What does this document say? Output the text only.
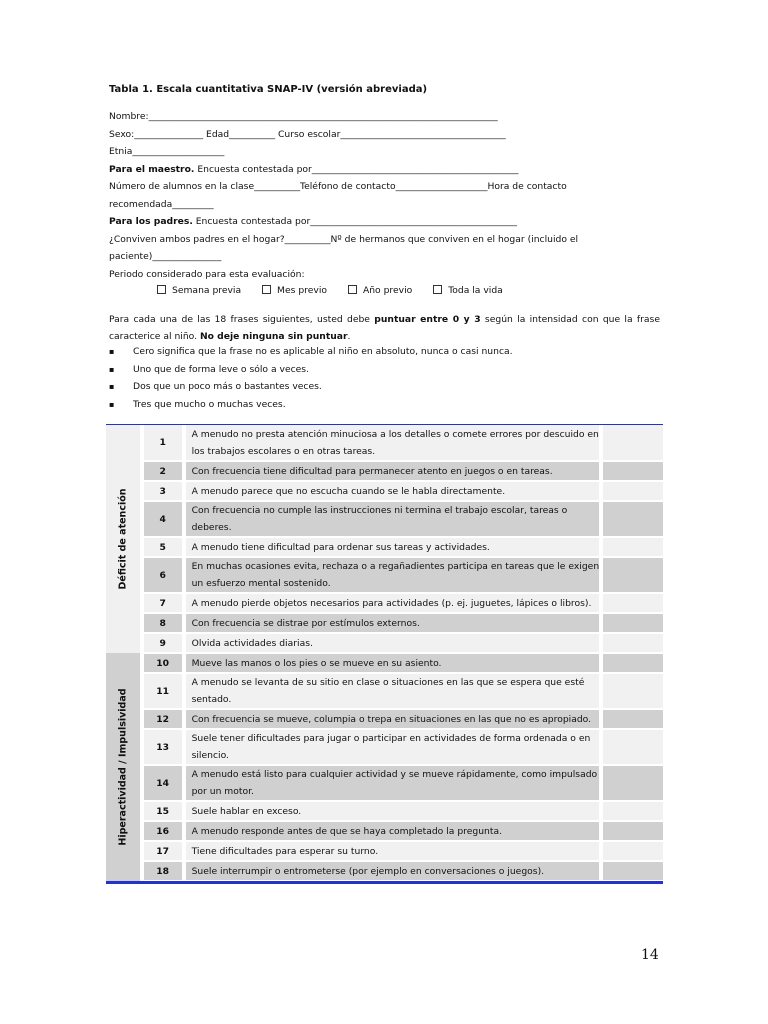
Tabla 1. Escala cuantitativa SNAP-IV (versión abreviada)
Nombre:____________________________________________________________________________
Sexo:_______________ Edad__________ Curso escolar____________________________________
Etnia____________________
Para el maestro. Encuesta contestada por_____________________________________________
Número de alumnos en la clase__________Teléfono de contacto____________________Hora de contacto
recomendada_________
Para los padres. Encuesta contestada por_____________________________________________
¿Conviven ambos padres en el hogar?__________Nº de hermanos que conviven en el hogar (incluido el
paciente)_______________
Periodo considerado para esta evaluación:
Semana previa	Mes previo	Año previo	Toda la vida
Para cada una de las 18 frases siguientes, usted debe puntuar entre 0 y 3 según la intensidad con que la frase caracterice al niño. No deje ninguna sin puntuar.
▪ Cero significa que la frase no es aplicable al niño en absoluto, nunca o casi nunca.
▪ Uno que de forma leve o sólo a veces.
▪ Dos que un poco más o bastantes veces.
▪ Tres que mucho o muchas veces.
Déficit de atención	1	A menudo no presta atención minuciosa a los detalles o comete errores por descuido en los trabajos escolares o en otras tareas.	
	2	Con frecuencia tiene dificultad para permanecer atento en juegos o en tareas.	
	3	A menudo parece que no escucha cuando se le habla directamente.	
	4	Con frecuencia no cumple las instrucciones ni termina el trabajo escolar, tareas o deberes.	
	5	A menudo tiene dificultad para ordenar sus tareas y actividades.	
	6	En muchas ocasiones evita, rechaza o a regañadientes participa en tareas que le exigen un esfuerzo mental sostenido.	
	7	A menudo pierde objetos necesarios para actividades (p. ej. juguetes, lápices o libros).	
	8	Con frecuencia se distrae por estímulos externos.	
	9	Olvida actividades diarias.	

Hiperactividad / Impulsividad	10	Mueve las manos o los pies o se mueve en su asiento.	
	11	A menudo se levanta de su sitio en clase o situaciones en las que se espera que esté sentado.	
	12	Con frecuencia se mueve, columpia o trepa en situaciones en las que no es apropiado.	
	13	Suele tener dificultades para jugar o participar en actividades de forma ordenada o en silencio.	
	14	A menudo está listo para cualquier actividad y se mueve rápidamente, como impulsado por un motor.	
	15	Suele hablar en exceso.	
	16	A menudo responde antes de que se haya completado la pregunta.	
	17	Tiene dificultades para esperar su turno.	
	18	Suele interrumpir o entrometerse (por ejemplo en conversaciones o juegos).	
14
